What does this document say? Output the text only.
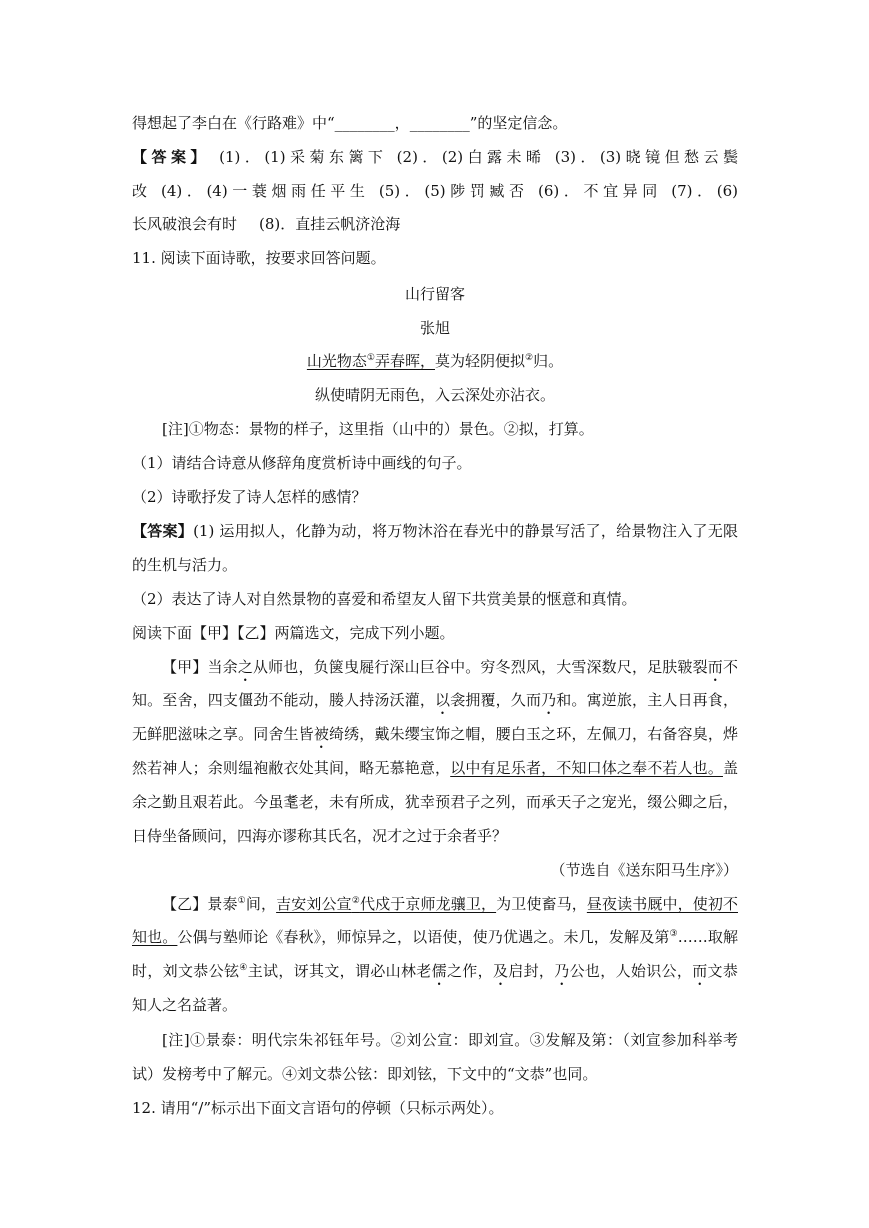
得想起了李白在《行路难》中“________，________”的坚定信念。
【答案】 (1)．(1)采菊东篱下 (2)．(2)白露未晞 (3)．(3)晓镜但愁云鬓
改 (4)．(4)一蓑烟雨任平生 (5)．(5)陟罚臧否 (6)．不宜异同 (7)．(6)
长风破浪会有时 (8)．直挂云帆济沧海
11. 阅读下面诗歌，按要求回答问题。
山行留客
张旭
山光物态①弄春晖，莫为轻阴便拟②归。
纵使晴阴无雨色，入云深处亦沾衣。
[注]①物态：景物的样子，这里指（山中的）景色。②拟，打算。
（1）请结合诗意从修辞角度赏析诗中画线的句子。
（2）诗歌抒发了诗人怎样的感情？
【答案】(1) 运用拟人，化静为动，将万物沐浴在春光中的静景写活了，给景物注入了无限
的生机与活力。
（2）表达了诗人对自然景物的喜爱和希望友人留下共赏美景的惬意和真情。
阅读下面【甲】【乙】两篇选文，完成下列小题。
【甲】当余之从师也，负箧曳屣行深山巨谷中。穷冬烈风，大雪深数尺，足肤皲裂而不
知。至舍，四支僵劲不能动，媵人持汤沃灌，以衾拥覆，久而乃和。寓逆旅，主人日再食，
无鲜肥滋味之享。同舍生皆被绮绣，戴朱缨宝饰之帽，腰白玉之环，左佩刀，右备容臭，烨
然若神人；余则缊袍敝衣处其间，略无慕艳意，以中有足乐者，不知口体之奉不若人也。盖
余之勤且艰若此。今虽耄老，未有所成，犹幸预君子之列，而承天子之宠光，缀公卿之后，
日侍坐备顾问，四海亦谬称其氏名，况才之过于余者乎？
（节选自《送东阳马生序》）
【乙】景泰①间，吉安刘公宣②代戍于京师龙骧卫，为卫使畜马，昼夜读书厩中，使初不
知也。公偶与塾师论《春秋》，师惊异之，以语使，使乃优遇之。未几，发解及第③……取解
时，刘文恭公铉④主试，讶其文，谓必山林老儒之作，及启封，乃公也，人始识公，而文恭
知人之名益著。
[注]①景泰：明代宗朱祁钰年号。②刘公宣：即刘宣。③发解及第：（刘宣参加科举考
试）发榜考中了解元。④刘文恭公铉：即刘铉，下文中的“文恭”也同。
12. 请用“/”标示出下面文言语句的停顿（只标示两处）。
